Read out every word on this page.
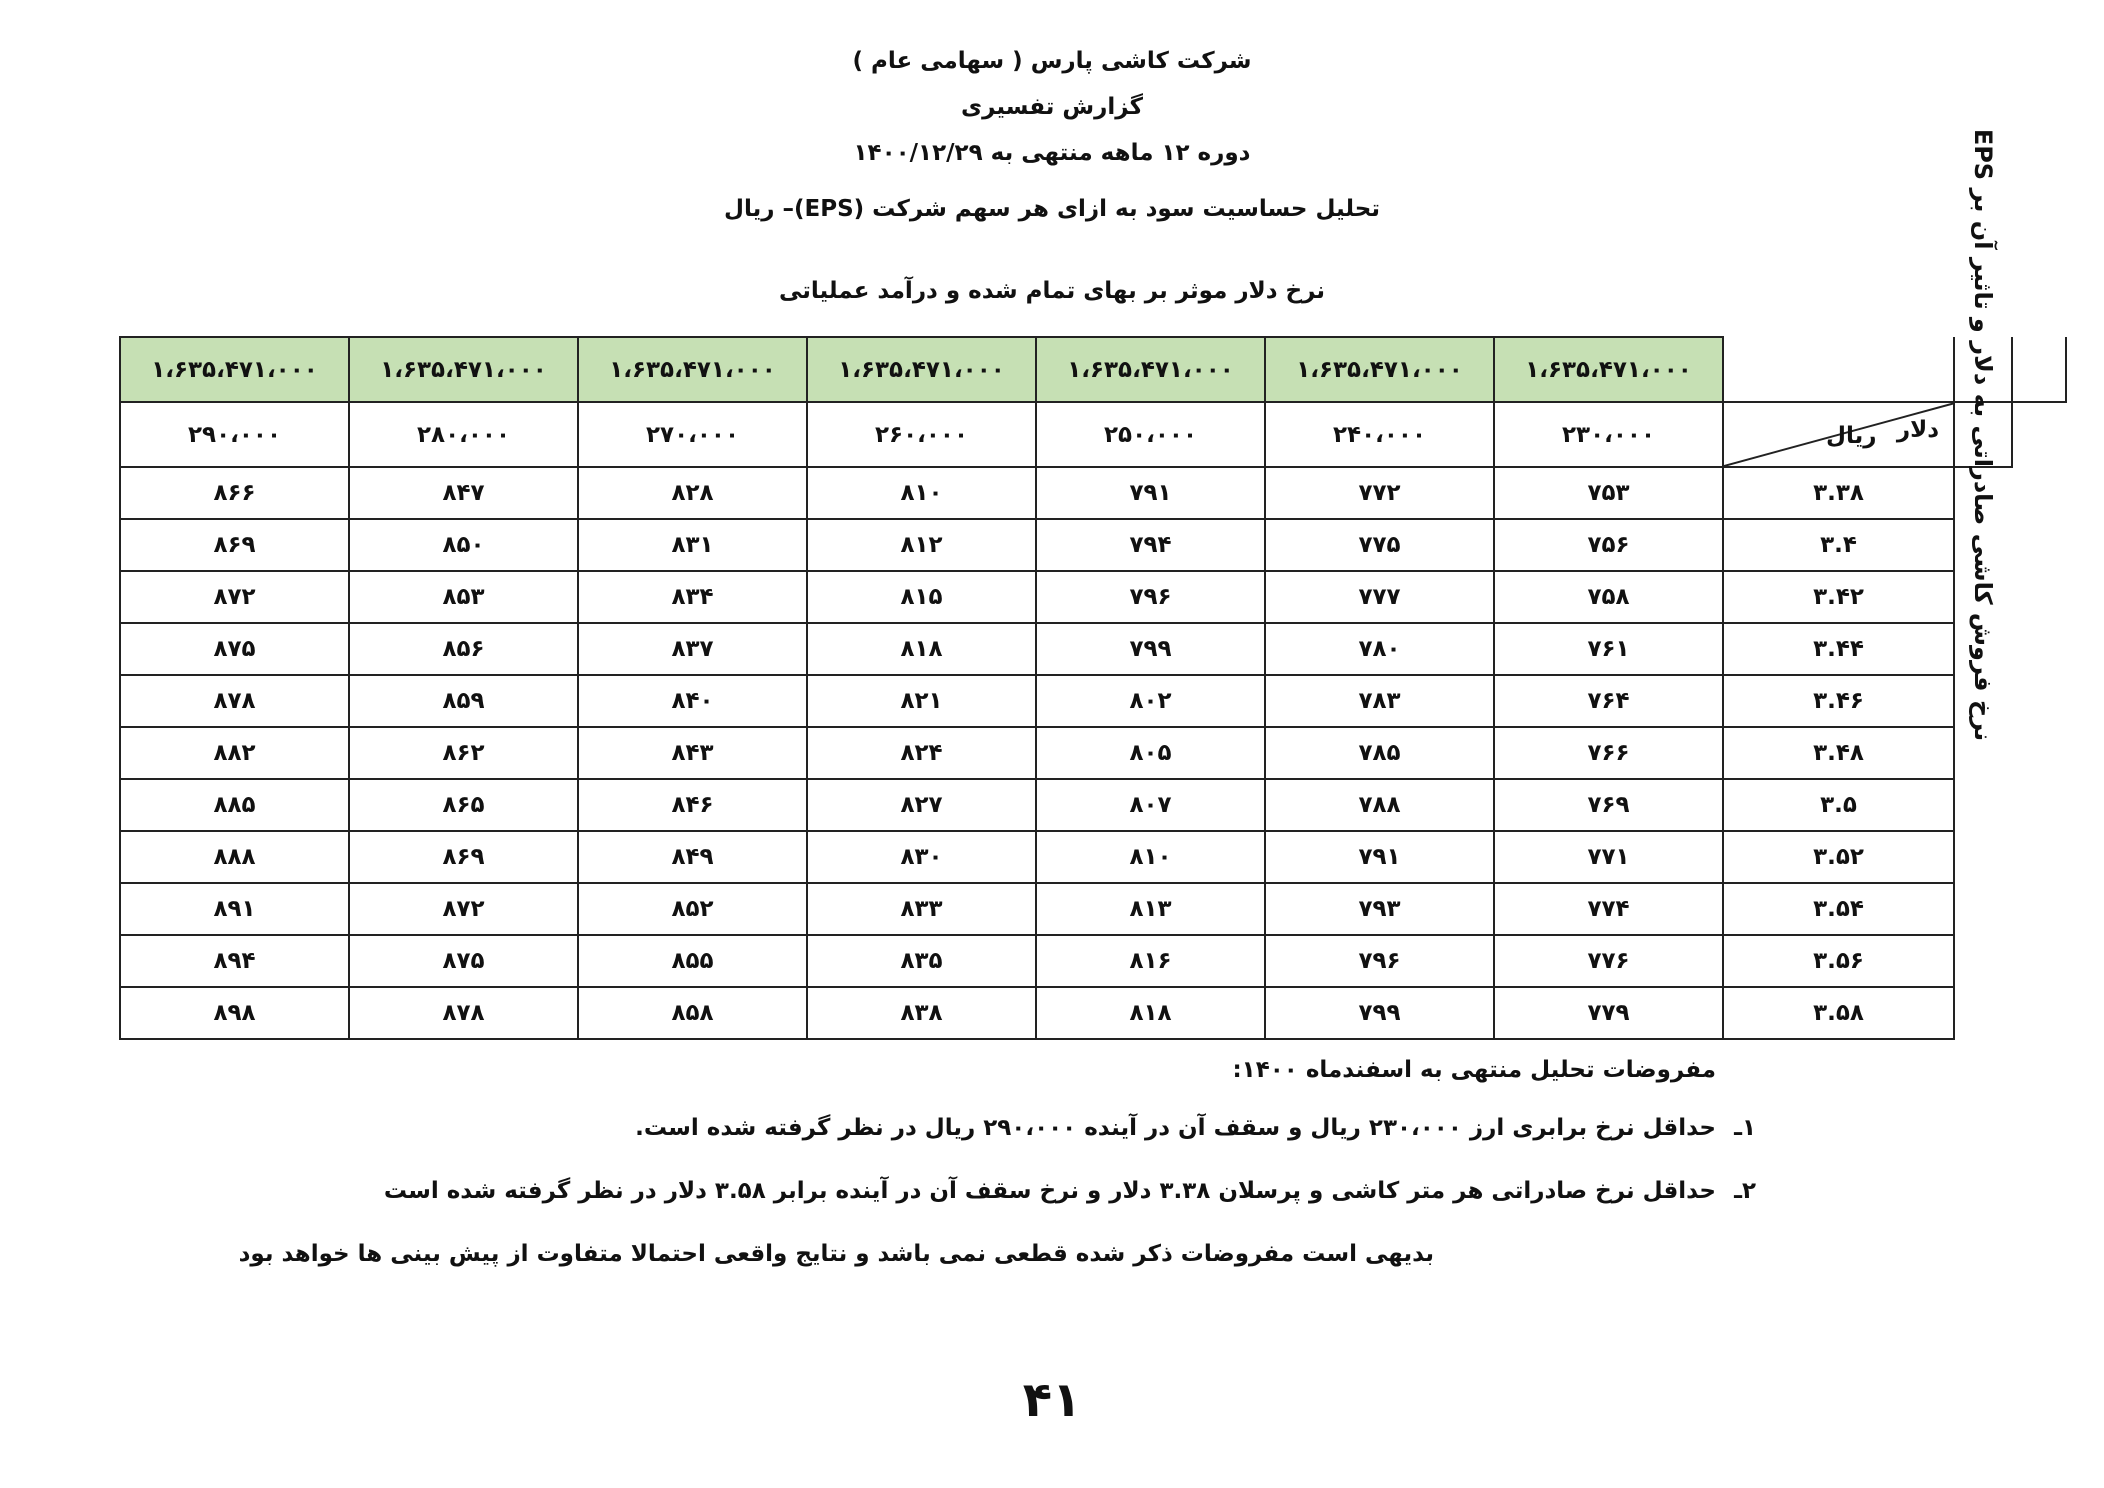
شرکت کاشی پارس ( سهامی عام )
گزارش تفسیری
دوره ۱۲ ماهه منتهی به ۱۴۰۰/۱۲/۲۹
تحلیل حساسیت سود به ازای هر سهم شرکت (EPS)– ریال
نرخ دلار موثر بر بهای تمام شده و درآمد عملیاتی
۱،۶۳۵،۴۷۱،۰۰۰	۱،۶۳۵،۴۷۱،۰۰۰	۱،۶۳۵،۴۷۱،۰۰۰	۱،۶۳۵،۴۷۱،۰۰۰	۱،۶۳۵،۴۷۱،۰۰۰	۱،۶۳۵،۴۷۱،۰۰۰	۱،۶۳۵،۴۷۱،۰۰۰			
۲۹۰،۰۰۰	۲۸۰،۰۰۰	۲۷۰،۰۰۰	۲۶۰،۰۰۰	۲۵۰،۰۰۰	۲۴۰،۰۰۰	۲۳۰،۰۰۰	دلار
ریال	نرخ فروش کاشی صادراتی به دلار و تاثیر آن بر EPS	

۸۶۶	۸۴۷	۸۲۸	۸۱۰	۷۹۱	۷۷۲	۷۵۳	۳.۳۸		
۸۶۹	۸۵۰	۸۳۱	۸۱۲	۷۹۴	۷۷۵	۷۵۶	۳.۴		
۸۷۲	۸۵۳	۸۳۴	۸۱۵	۷۹۶	۷۷۷	۷۵۸	۳.۴۲		
۸۷۵	۸۵۶	۸۳۷	۸۱۸	۷۹۹	۷۸۰	۷۶۱	۳.۴۴		
۸۷۸	۸۵۹	۸۴۰	۸۲۱	۸۰۲	۷۸۳	۷۶۴	۳.۴۶		
۸۸۲	۸۶۲	۸۴۳	۸۲۴	۸۰۵	۷۸۵	۷۶۶	۳.۴۸		
۸۸۵	۸۶۵	۸۴۶	۸۲۷	۸۰۷	۷۸۸	۷۶۹	۳.۵		
۸۸۸	۸۶۹	۸۴۹	۸۳۰	۸۱۰	۷۹۱	۷۷۱	۳.۵۲		
۸۹۱	۸۷۲	۸۵۲	۸۳۳	۸۱۳	۷۹۳	۷۷۴	۳.۵۴		
۸۹۴	۸۷۵	۸۵۵	۸۳۵	۸۱۶	۷۹۶	۷۷۶	۳.۵۶		
۸۹۸	۸۷۸	۸۵۸	۸۳۸	۸۱۸	۷۹۹	۷۷۹	۳.۵۸		
مفروضات تحلیل منتهی به اسفندماه ۱۴۰۰:
۱ـ
حداقل نرخ برابری ارز ۲۳۰،۰۰۰ ریال و سقف آن در آینده ۲۹۰،۰۰۰ ریال در نظر گرفته شده است.
۲ـ
حداقل نرخ صادراتی هر متر کاشی و پرسلان ۳.۳۸ دلار و نرخ سقف آن در آینده برابر ۳.۵۸ دلار در نظر گرفته شده است
بدیهی است مفروضات ذکر شده قطعی نمی باشد و نتایج واقعی احتمالا متفاوت از پیش بینی ها خواهد بود
۴۱
